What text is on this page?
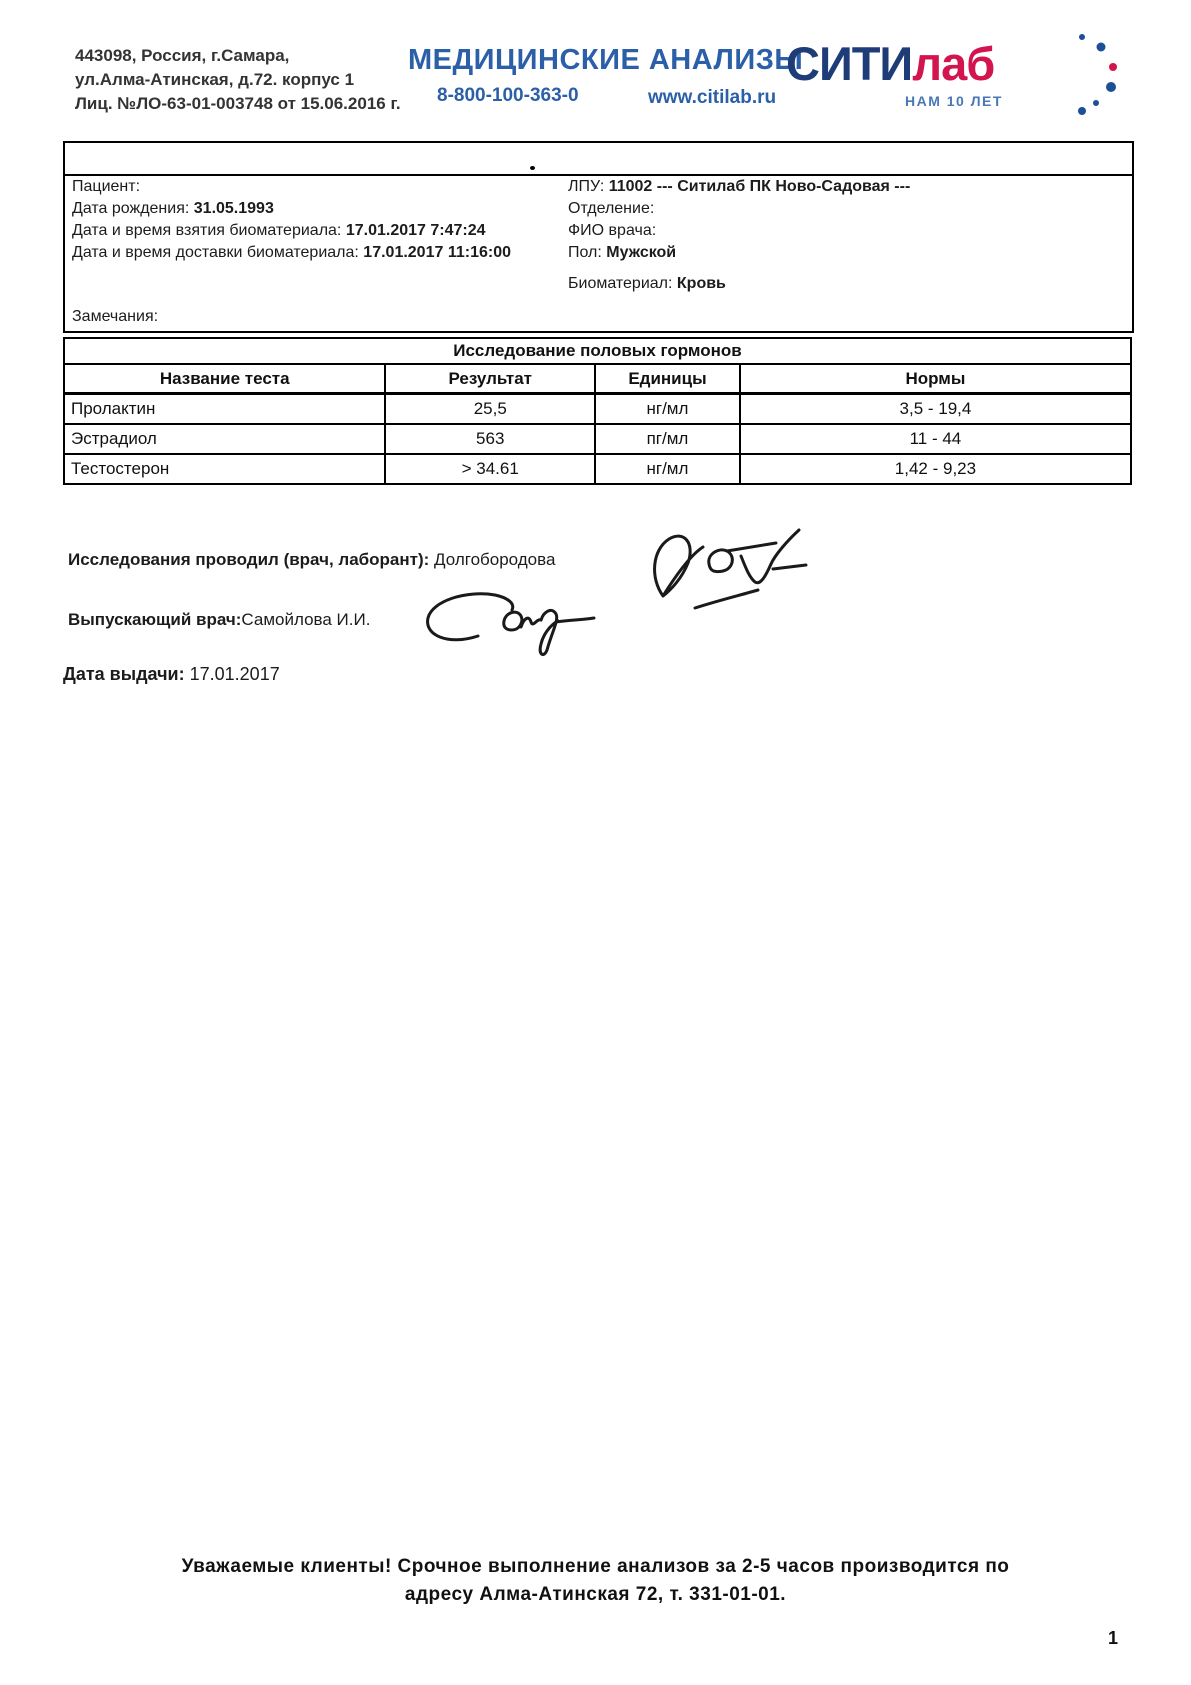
443098, Россия, г.Самара,
ул.Алма-Атинская, д.72. корпус 1
Лиц. №ЛО-63-01-003748 от 15.06.2016 г.
МЕДИЦИНСКИЕ АНАЛИЗЫ
8-800-100-363-0	www.citilab.ru
СИТИлаб
НАМ 10 ЛЕТ
Пациент:
Дата рождения: 31.05.1993
Дата и время взятия биоматериала: 17.01.2017 7:47:24
Дата и время доставки биоматериала: 17.01.2017 11:16:00
ЛПУ: 11002 --- Ситилаб ПК Ново-Садовая ---
Отделение:
ФИО врача:
Пол: Мужской
Биоматериал: Кровь
Замечания:
Исследование половых гормонов			
Название теста	Результат	Единицы	Нормы
Пролактин	25,5	нг/мл	3,5 - 19,4
Эстрадиол	563	пг/мл	11 - 44
Тестостерон	> 34.61	нг/мл	1,42 - 9,23
Исследования проводил (врач, лаборант): Долгобородова
Выпускающий врач:Самойлова И.И.
Дата выдачи: 17.01.2017
Уважаемые клиенты! Срочное выполнение анализов за 2-5 часов производится по
адресу Алма-Атинская 72, т. 331-01-01.
1
